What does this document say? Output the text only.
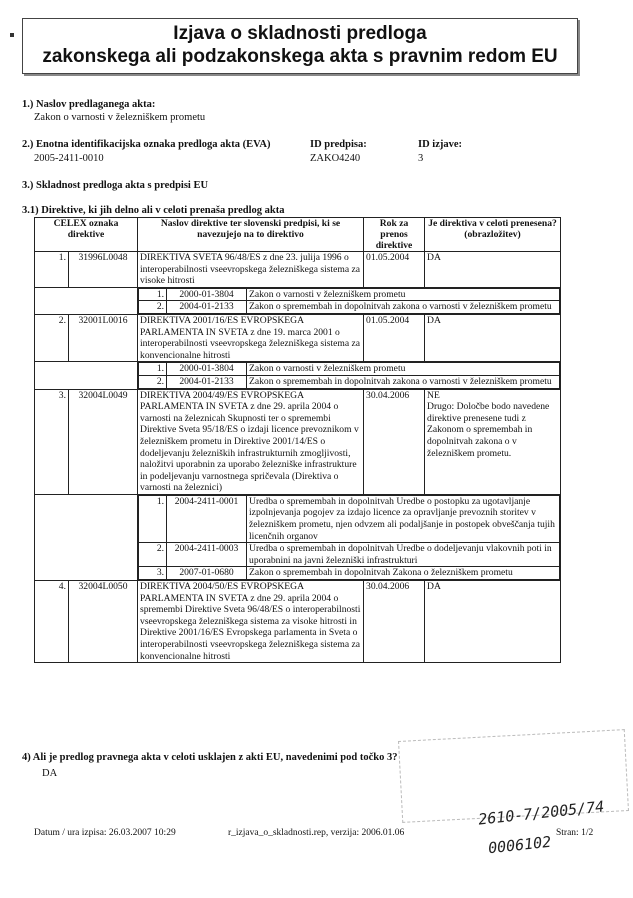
Izjava o skladnosti predloga
zakonskega ali podzakonskega akta s pravnim redom EU
1.) Naslov predlaganega akta:
Zakon o varnosti v železniškem prometu
2.) Enotna identifikacijska oznaka predloga akta (EVA)
2005-2411-0010
ID predpisa:
ZAKO4240
ID izjave:
3
3.) Skladnost predloga akta s predpisi EU
3.1) Direktive, ki jih delno ali v celoti prenaša predlog akta
CELEX oznaka direktive	Naslov direktive ter slovenski predpisi, ki se navezujejo na to direktivo	Rok za prenos direktive	Je direktiva v celoti prenesena? (obrazložitev)
1.	31996L0048	DIREKTIVA SVETA 96/48/ES z dne 23. julija 1996 o interoperabilnosti vseevropskega železniškega sistema za visoke hitrosti	01.05.2004	DA

1.	2000-01-3804	Zakon o varnosti v železniškem prometu
2.	2004-01-2133	Zakon o spremembah in dopolnitvah zakona o varnosti v železniškem prometu

2.	32001L0016	DIREKTIVA 2001/16/ES EVROPSKEGA PARLAMENTA IN SVETA z dne 19. marca 2001 o interoperabilnosti vseevropskega železniškega sistema za konvencionalne hitrosti	01.05.2004	DA

1.	2000-01-3804	Zakon o varnosti v železniškem prometu
2.	2004-01-2133	Zakon o spremembah in dopolnitvah zakona o varnosti v železniškem prometu

3.	32004L0049	DIREKTIVA 2004/49/ES EVROPSKEGA PARLAMENTA IN SVETA z dne 29. aprila 2004 o varnosti na železnicah Skupnosti ter o spremembi Direktive Sveta 95/18/ES o izdaji licence prevoznikom v železniškem prometu in Direktive 2001/14/ES o dodeljevanju železniških infrastrukturnih zmogljivosti, naložitvi uporabnin za uporabo železniške infrastrukture in podeljevanju varnostnega spričevala (Direktiva o varnosti na železnici)	30.04.2006	NE
Drugo: Določbe bodo navedene direktive prenesene tudi z Zakonom o spremembah in dopolnitvah zakona o v železniškem prometu.

1.	2004-2411-0001	Uredba o spremembah in dopolnitvah Uredbe o postopku za ugotavljanje izpolnjevanja pogojev za izdajo licence za opravljanje prevoznih storitev v železniškem prometu, njen odvzem ali podaljšanje in postopek obveščanja tujih licenčnih organov
2.	2004-2411-0003	Uredba o spremembah in dopolnitvah Uredbe o dodeljevanju vlakovnih poti in uporabnini na javni železniški infrastrukturi
3.	2007-01-0680	Zakon o spremembah in dopolnitvah Zakona o železniškem prometu

4.	32004L0050	DIREKTIVA 2004/50/ES EVROPSKEGA PARLAMENTA IN SVETA z dne 29. aprila 2004 o spremembi Direktive Sveta 96/48/ES o interoperabilnosti vseevropskega železniškega sistema za visoke hitrosti in Direktive 2001/16/ES Evropskega parlamenta in Sveta o interoperabilnosti vseevropskega železniškega sistema za konvencionalne hitrosti	30.04.2006	DA
4) Ali je predlog pravnega akta v celoti usklajen z akti EU, navedenimi pod točko 3?
DA
2610-7/2005/74
0006102
Datum / ura izpisa: 26.03.2007 10:29	r_izjava_o_skladnosti.rep, verzija: 2006.01.06	Stran: 1/2
